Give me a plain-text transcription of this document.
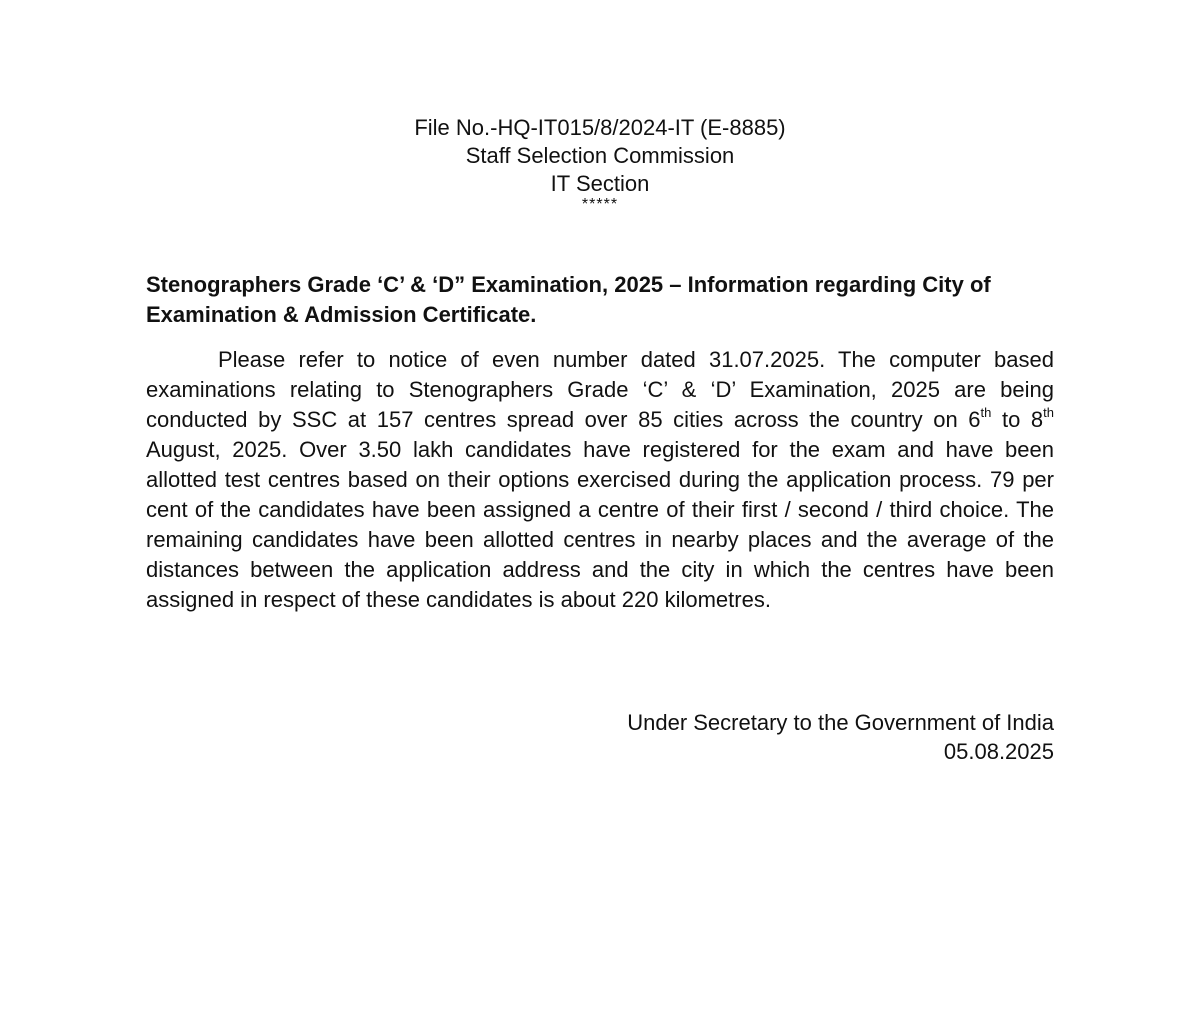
File No.-HQ-IT015/8/2024-IT (E-8885)
Staff Selection Commission
IT Section
*****
Stenographers Grade ‘C’ & ‘D” Examination, 2025 – Information regarding City of Examination & Admission Certificate.

Please refer to notice of even number dated 31.07.2025. The computer based examinations relating to Stenographers Grade ‘C’ & ‘D’ Examination, 2025 are being conducted by SSC at 157 centres spread over 85 cities across the country on 6th to 8th August, 2025. Over 3.50 lakh candidates have registered for the exam and have been allotted test centres based on their options exercised during the application process. 79 per cent of the candidates have been assigned a centre of their first / second / third choice. The remaining candidates have been allotted centres in nearby places and the average of the distances between the application address and the city in which the centres have been assigned in respect of these candidates is about 220 kilometres.

Under Secretary to the Government of India
05.08.2025
